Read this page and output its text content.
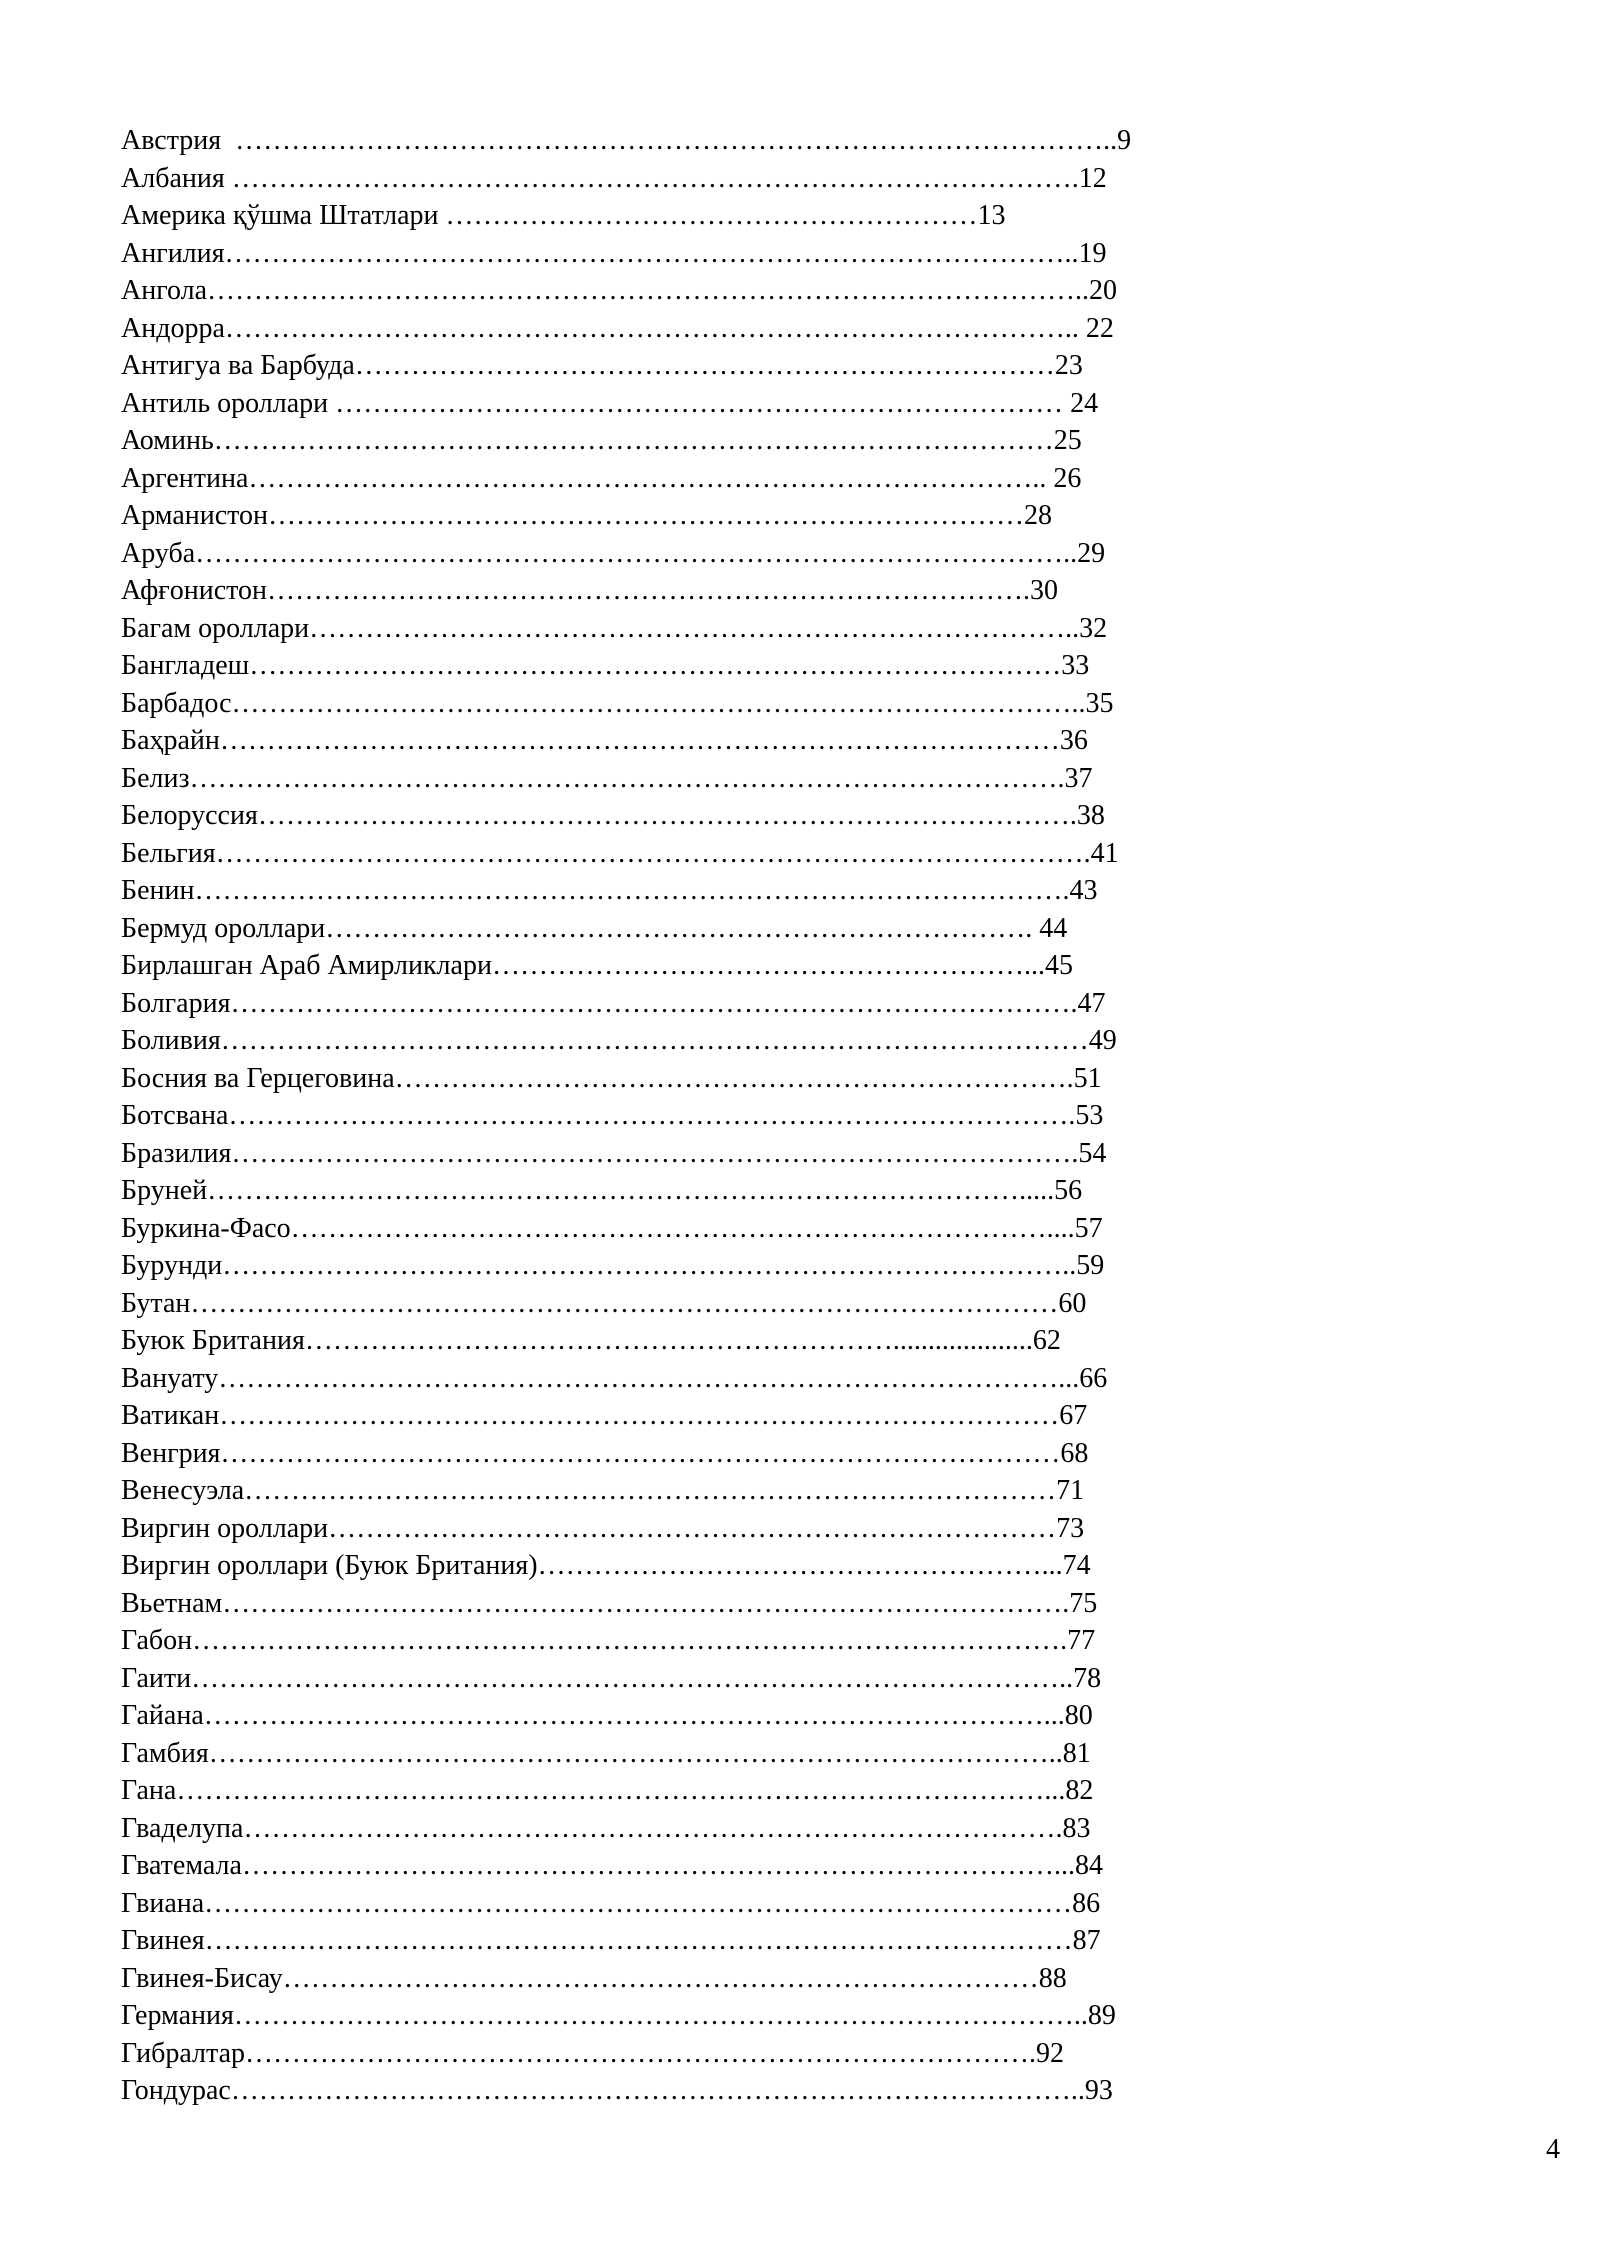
Австрия  …………………………………………………………………………………..9
Албания ……………………………………………………………………………….12
Америка қўшма Штатлари …………………………………………………13
Ангилия………………………………………………………………………………..19
Ангола…………………………………………………………………………………..20
Андорра……………………………………………………………………………….. 22
Антигуа ва Барбуда…………………………………………………………………23
Антиль ороллари …………………………………………………………………… 24
Аоминь………………………………………………………………………………25
Аргентина………………………………………………………………………….. 26
Арманистон………………………………………………………………………28
Аруба…………………………………………………………………………………..29
Афғонистон……………………………………………………………………….30
Багам ороллари………………………………………………………………………..32
Бангладеш……………………………………………………………………………33
Барбадос………………………………………………………………………………..35
Баҳрайн………………………………………………………………………………36
Белиз………………………………………………………………………………….37
Белоруссия…………………………………………………………………………….38
Бельгия………………………………………………………………………………….41
Бенин………………………………………………………………………………….43
Бермуд ороллари…………………………………………………………………. 44
Бирлашган Араб Амирликлари…………………………………………………...45
Болгария……………………………………………………………………………….47
Боливия…………………………………………………………………………………49
Босния ва Герцеговина……………………………………………………………….51
Ботсвана……………………………………………………………………………….53
Бразилия……………………………………………………………………………….54
Бруней…………………………………………………………………………….....56
Буркина-Фасо………………………………………………………………………....57
Бурунди………………………………………………………………………………..59
Бутан…………………………………………………………………………………60
Буюк Британия………………………………………………………....................62
Вануату………………………………………………………………………………...66
Ватикан………………………………………………………………………………67
Венгрия………………………………………………………………………………68
Венесуэла……………………………………………………………………………71
Виргин ороллари……………………………………………………………………73
Виргин ороллари (Буюк Британия)………………………………………………...74
Вьетнам……………………………………………………………………………….75
Габон………………………………………………………………………………….77
Гаити…………………………………………………………………………………..78
Гайана………………………………………………………………………………...80
Гамбия………………………………………………………………………………..81
Гана…………………………………………………………………………………...82
Гваделупа…………………………………………………………………………….83
Гватемала……………………………………………………………………………...84
Гвиана…………………………………………………………………………………86
Гвинея…………………………………………………………………………………87
Гвинея-Бисау………………………………………………………………………88
Германия………………………………………………………………………………..89
Гибралтар………………………………………………………………………….92
Гондурас………………………………………………………………………………..93
4
